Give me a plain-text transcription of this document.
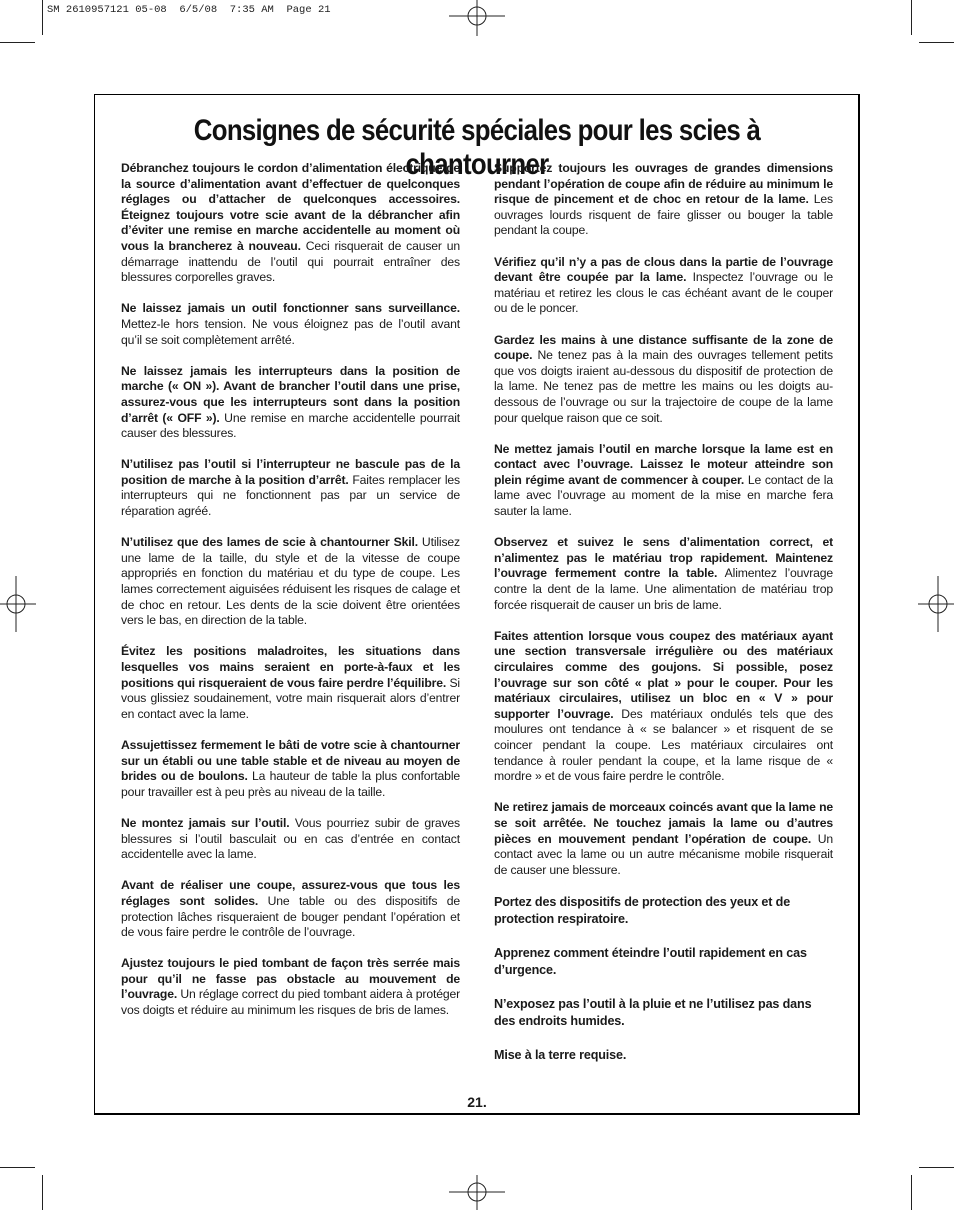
SM 2610957121 05-08  6/5/08  7:35 AM  Page 21
Consignes de sécurité spéciales pour les scies à chantourner

Débranchez toujours le cordon d’alimentation électrique de la source d’alimentation avant d’effectuer de quelconques réglages ou d’attacher de quelconques accessoires. Éteignez toujours votre scie avant de la débrancher afin d’éviter une remise en marche accidentelle au moment où vous la brancherez à nouveau. Ceci risquerait de causer un démarrage inattendu de l’outil qui pourrait entraîner des blessures corporelles graves.

Ne laissez jamais un outil fonctionner sans surveillance. Mettez-le hors tension. Ne vous éloignez pas de l’outil avant qu’il se soit complètement arrêté.

Ne laissez jamais les interrupteurs dans la position de marche (« ON »). Avant de brancher l’outil dans une prise, assurez-vous que les interrupteurs sont dans la position d’arrêt (« OFF »). Une remise en marche accidentelle pourrait causer des blessures.

N’utilisez pas l’outil si l’interrupteur ne bascule pas de la position de marche à la position d’arrêt. Faites remplacer les interrupteurs qui ne fonctionnent pas par un service de réparation agréé.

N’utilisez que des lames de scie à chantourner Skil. Utilisez une lame de la taille, du style et de la vitesse de coupe appropriés en fonction du matériau et du type de coupe. Les lames correctement aiguisées réduisent les risques de calage et de choc en retour. Les dents de la scie doivent être orientées vers le bas, en direction de la table.

Évitez les positions maladroites, les situations dans lesquelles vos mains seraient en porte-à-faux et les positions qui risqueraient de vous faire perdre l’équilibre. Si vous glissiez soudainement, votre main risquerait alors d’entrer en contact avec la lame.

Assujettissez fermement le bâti de votre scie à chantourner sur un établi ou une table stable et de niveau au moyen de brides ou de boulons. La hauteur de table la plus confortable pour travailler est à peu près au niveau de la taille.

Ne montez jamais sur l’outil. Vous pourriez subir de graves blessures si l’outil basculait ou en cas d’entrée en contact accidentelle avec la lame.

Avant de réaliser une coupe, assurez-vous que tous les réglages sont solides. Une table ou des dispositifs de protection lâches risqueraient de bouger pendant l’opération et de vous faire perdre le contrôle de l’ouvrage.

Ajustez toujours le pied tombant de façon très serrée mais pour qu’il ne fasse pas obstacle au mouvement de l’ouvrage. Un réglage correct du pied tombant aidera à protéger vos doigts et réduire au minimum les risques de bris de lames.

Supportez toujours les ouvrages de grandes dimensions pendant l’opération de coupe afin de réduire au minimum le risque de pincement et de choc en retour de la lame. Les ouvrages lourds risquent de faire glisser ou bouger la table pendant la coupe.

Vérifiez qu’il n’y a pas de clous dans la partie de l’ouvrage devant être coupée par la lame. Inspectez l’ouvrage ou le matériau et retirez les clous le cas échéant avant de le couper ou de le poncer.

Gardez les mains à une distance suffisante de la zone de coupe. Ne tenez pas à la main des ouvrages tellement petits que vos doigts iraient au-dessous du dispositif de protection de la lame. Ne tenez pas de mettre les mains ou les doigts au-dessous de l’ouvrage ou sur la trajectoire de coupe de la lame pour quelque raison que ce soit.

Ne mettez jamais l’outil en marche lorsque la lame est en contact avec l’ouvrage. Laissez le moteur atteindre son plein régime avant de commencer à couper. Le contact de la lame avec l’ouvrage au moment de la mise en marche fera sauter la lame.

Observez et suivez le sens d’alimentation correct, et n’alimentez pas le matériau trop rapidement. Maintenez l’ouvrage fermement contre la table. Alimentez l’ouvrage contre la dent de la lame. Une alimentation de matériau trop forcée risquerait de causer un bris de lame.

Faites attention lorsque vous coupez des matériaux ayant une section transversale irrégulière ou des matériaux circulaires comme des goujons. Si possible, posez l’ouvrage sur son côté « plat » pour le couper. Pour les matériaux circulaires, utilisez un bloc en « V » pour supporter l’ouvrage. Des matériaux ondulés tels que des moulures ont tendance à « se balancer » et risquent de se coincer pendant la coupe. Les matériaux circulaires ont tendance à rouler pendant la coupe, et la lame risque de « mordre » et de vous faire perdre le contrôle.

Ne retirez jamais de morceaux coincés avant que la lame ne se soit arrêtée. Ne touchez jamais la lame ou d’autres pièces en mouvement pendant l’opération de coupe. Un contact avec la lame ou un autre mécanisme mobile risquerait de causer une blessure.

Portez des dispositifs de protection des yeux et de protection respiratoire.

Apprenez comment éteindre l’outil rapidement en cas d’urgence.

N’exposez pas l’outil à la pluie et ne l’utilisez pas dans des endroits humides.

Mise à la terre requise.

21.
